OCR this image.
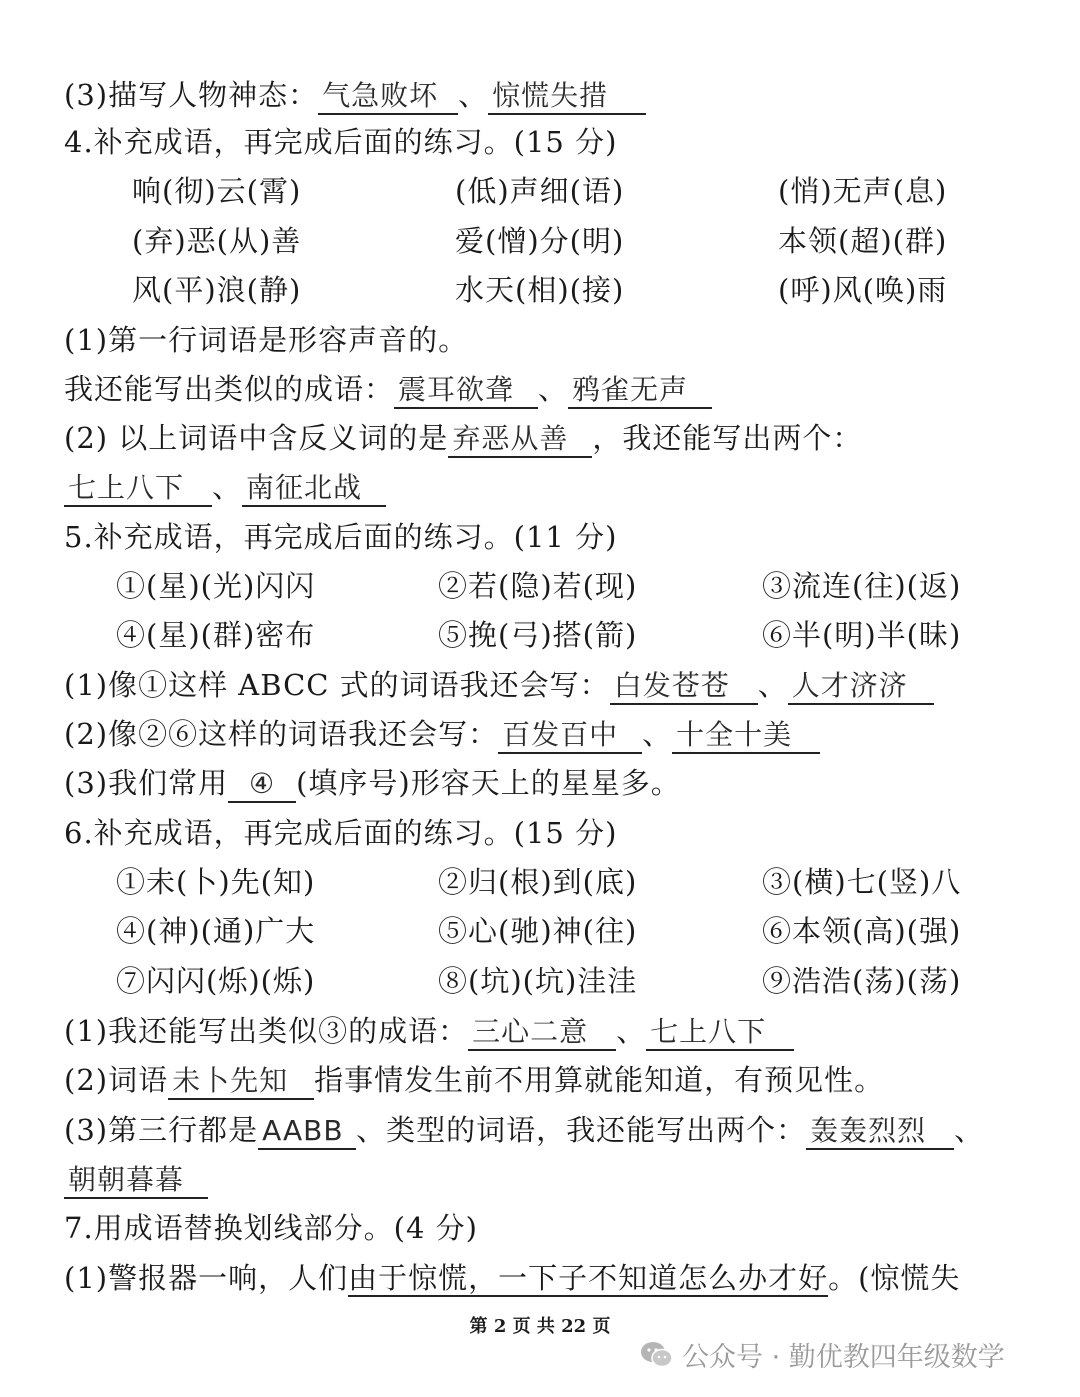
(3)描写人物神态： 气急败坏 、 惊慌失措
4.补充成语，再完成后面的练习。(15 分)
响(彻)云(霄)	(低)声细(语)	(悄)无声(息)
(弃)恶(从)善	爱(憎)分(明)	本领(超)(群)
风(平)浪(静)	水天(相)(接)	(呼)风(唤)雨
(1)第一行词语是形容声音的。
我还能写出类似的成语： 震耳欲聋 、 鸦雀无声
(2) 以上词语中含反义词的是 弃恶从善 ，我还能写出两个：
七上八下 、 南征北战
5.补充成语，再完成后面的练习。(11 分)
①(星)(光)闪闪	②若(隐)若(现)	③流连(往)(返)
④(星)(群)密布	⑤挽(弓)搭(箭)	⑥半(明)半(昧)
(1)像①这样 ABCC 式的词语我还会写： 白发苍苍 、 人才济济
(2)像②⑥这样的词语我还会写： 百发百中 、 十全十美
(3)我们常用 ④ (填序号)形容天上的星星多。
6.补充成语，再完成后面的练习。(15 分)
①未(卜)先(知)	②归(根)到(底)	③(横)七(竖)八
④(神)(通)广大	⑤心(驰)神(往)	⑥本领(高)(强)
⑦闪闪(烁)(烁)	⑧(坑)(坑)洼洼	⑨浩浩(荡)(荡)
(1)我还能写出类似③的成语： 三心二意 、 七上八下
(2)词语 未卜先知 指事情发生前不用算就能知道，有预见性。
(3)第三行都是 AABB 、类型的词语，我还能写出两个： 轰轰烈烈 、
朝朝暮暮
7.用成语替换划线部分。(4 分)
(1)警报器一响，人们由于惊慌，一下子不知道怎么办才好。(惊慌失
第 2 页 共 22 页
公众号 · 勤优教四年级数学
